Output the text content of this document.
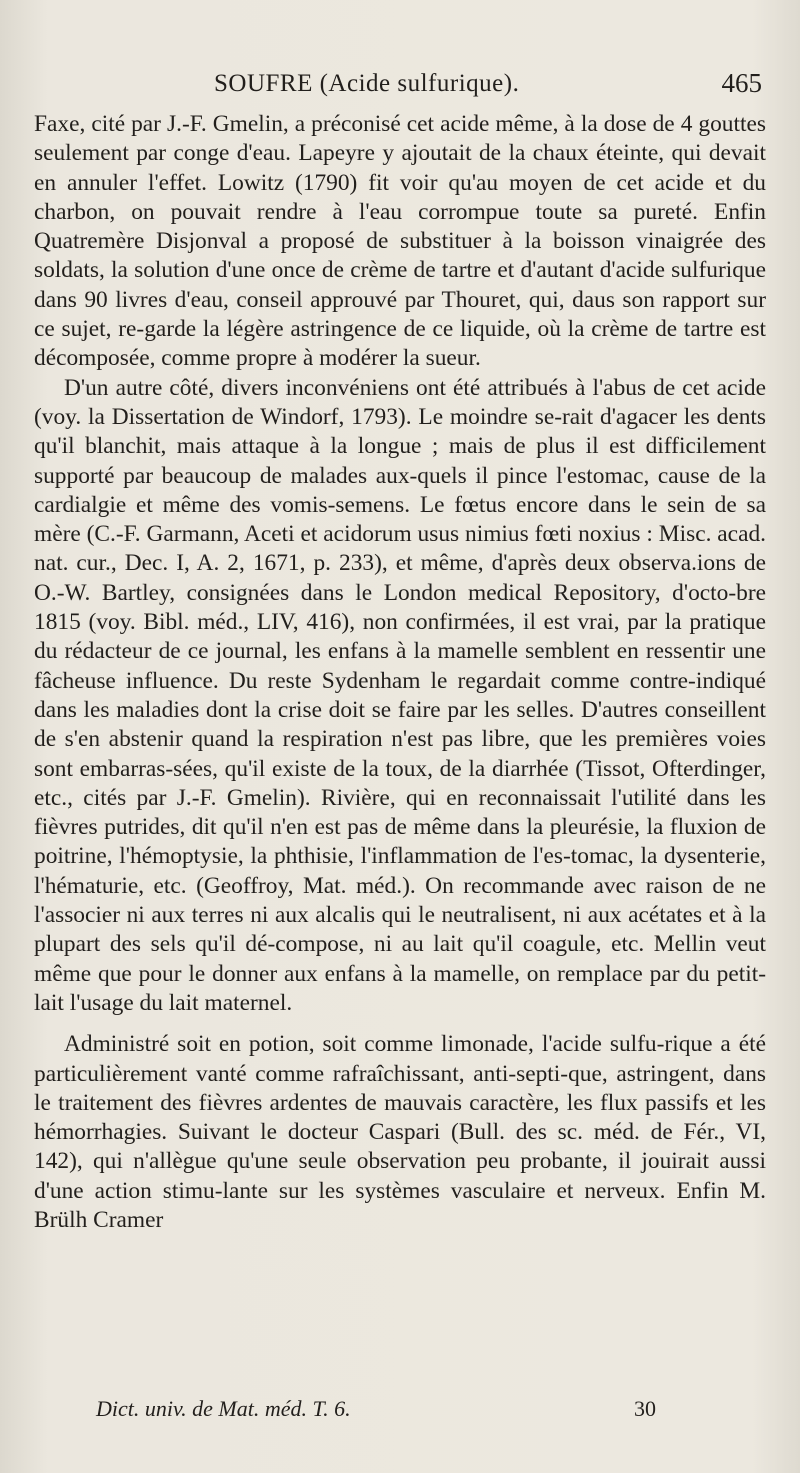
SOUFRE (Acide sulfurique).	465

Faxe, cité par J.-F. Gmelin, a préconisé cet acide même, à la dose de 4 gouttes seulement par conge d'eau. Lapeyre y ajoutait de la chaux éteinte, qui devait en annuler l'effet. Lowitz (1790) fit voir qu'au moyen de cet acide et du charbon, on pouvait rendre à l'eau corrompue toute sa pureté. Enfin Quatremère Disjonval a proposé de substituer à la boisson vinaigrée des soldats, la solution d'une once de crème de tartre et d'autant d'acide sulfurique dans 90 livres d'eau, conseil approuvé par Thouret, qui, daus son rapport sur ce sujet, re-garde la légère astringence de ce liquide, où la crème de tartre est décomposée, comme propre à modérer la sueur.

D'un autre côté, divers inconvéniens ont été attribués à l'abus de cet acide (voy. la Dissertation de Windorf, 1793). Le moindre se-rait d'agacer les dents qu'il blanchit, mais attaque à la longue ; mais de plus il est difficilement supporté par beaucoup de malades aux-quels il pince l'estomac, cause de la cardialgie et même des vomis-semens. Le fœtus encore dans le sein de sa mère (C.-F. Garmann, Aceti et acidorum usus nimius fœti noxius : Misc. acad. nat. cur., Dec. I, A. 2, 1671, p. 233), et même, d'après deux observa.ions de O.-W. Bartley, consignées dans le London medical Repository, d'octo-bre 1815 (voy. Bibl. méd., LIV, 416), non confirmées, il est vrai, par la pratique du rédacteur de ce journal, les enfans à la mamelle semblent en ressentir une fâcheuse influence. Du reste Sydenham le regardait comme contre-indiqué dans les maladies dont la crise doit se faire par les selles. D'autres conseillent de s'en abstenir quand la respiration n'est pas libre, que les premières voies sont embarras-sées, qu'il existe de la toux, de la diarrhée (Tissot, Ofterdinger, etc., cités par J.-F. Gmelin). Rivière, qui en reconnaissait l'utilité dans les fièvres putrides, dit qu'il n'en est pas de même dans la pleurésie, la fluxion de poitrine, l'hémoptysie, la phthisie, l'inflammation de l'es-tomac, la dysenterie, l'hématurie, etc. (Geoffroy, Mat. méd.). On recommande avec raison de ne l'associer ni aux terres ni aux alcalis qui le neutralisent, ni aux acétates et à la plupart des sels qu'il dé-compose, ni au lait qu'il coagule, etc. Mellin veut même que pour le donner aux enfans à la mamelle, on remplace par du petit-lait l'usage du lait maternel.

Administré soit en potion, soit comme limonade, l'acide sulfu-rique a été particulièrement vanté comme rafraîchissant, anti-septi-que, astringent, dans le traitement des fièvres ardentes de mauvais caractère, les flux passifs et les hémorrhagies. Suivant le docteur Caspari (Bull. des sc. méd. de Fér., VI, 142), qui n'allègue qu'une seule observation peu probante, il jouirait aussi d'une action stimu-lante sur les systèmes vasculaire et nerveux. Enfin M. Brülh Cramer

Dict. univ. de Mat. méd. T. 6.	30
